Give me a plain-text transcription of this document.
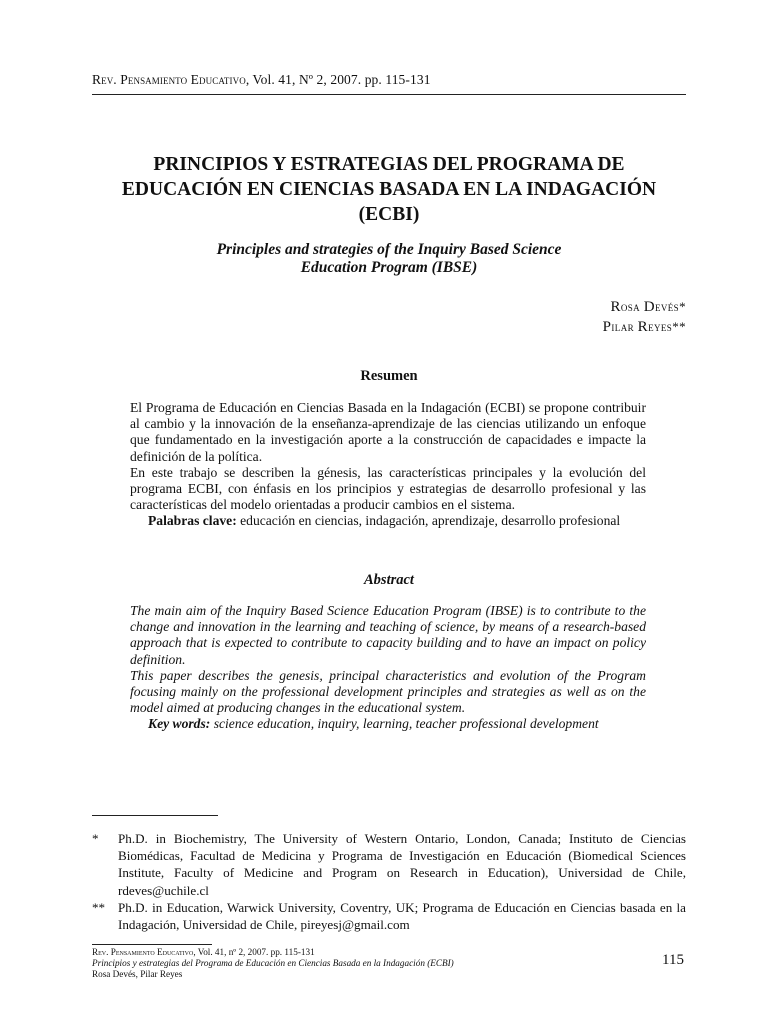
Rev. Pensamiento Educativo, Vol. 41, Nº 2, 2007. pp. 115-131
PRINCIPIOS Y ESTRATEGIAS DEL PROGRAMA DE
EDUCACIÓN EN CIENCIAS BASADA EN LA INDAGACIÓN
(ECBI)
Principles and strategies of the Inquiry Based Science
Education Program (IBSE)
Rosa Devés*
Pilar Reyes**
Resumen

El Programa de Educación en Ciencias Basada en la Indagación (ECBI) se propone contribuir al cambio y la innovación de la enseñanza-aprendizaje de las ciencias utilizando un enfoque que fundamentado en la investigación aporte a la construcción de capacidades e impacte la definición de la política.

En este trabajo se describen la génesis, las características principales y la evolución del programa ECBI, con énfasis en los principios y estrategias de desarrollo profesional y las características del modelo orientadas a producir cambios en el sistema.

Palabras clave: educación en ciencias, indagación, aprendizaje, desarrollo profesional

Abstract

The main aim of the Inquiry Based Science Education Program (IBSE) is to contribute to the change and innovation in the learning and teaching of science, by means of a research-based approach that is expected to contribute to capacity building and to have an impact on policy definition.

This paper describes the genesis, principal characteristics and evolution of the Program focusing mainly on the professional development principles and strategies as well as on the model aimed at producing changes in the educational system.

Key words: science education, inquiry, learning, teacher professional development

*	Ph.D. in Biochemistry, The University of Western Ontario, London, Canada; Instituto de Ciencias Biomédicas, Facultad de Medicina y Programa de Investigación en Educación (Biomedical Sciences Institute, Faculty of Medicine and Program on Research in Education), Universidad de Chile, rdeves@uchile.cl
** Ph.D. in Education, Warwick University, Coventry, UK; Programa de Educación en Ciencias basada en la Indagación, Universidad de Chile, pireyesj@gmail.com
Rev. Pensamiento Educativo, Vol. 41, nº 2, 2007. pp. 115-131
Principios y estrategias del Programa de Educación en Ciencias Basada en la Indagación (ECBI)
Rosa Devés, Pilar Reyes
115
